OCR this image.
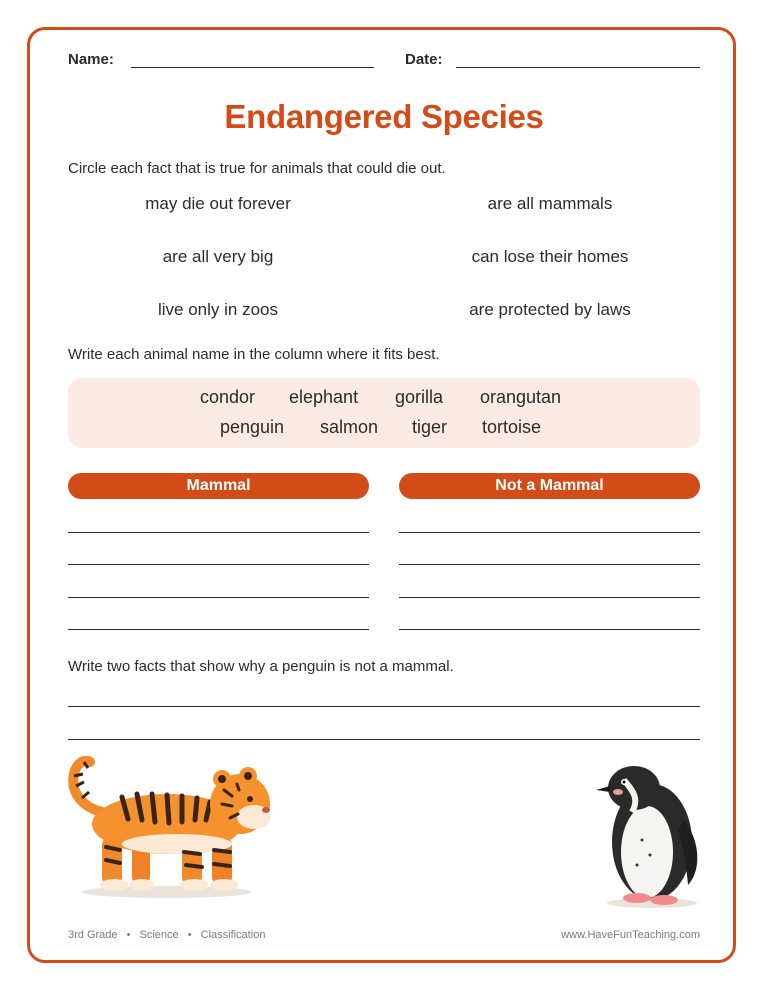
Name:	Date:
Endangered Species
Circle each fact that is true for animals that could die out.
may die out forever	are all mammals
are all very big	can lose their homes
live only in zoos	are protected by laws
Write each animal name in the column where it fits best.
condor elephant gorilla orangutan
penguin salmon tiger tortoise
Mammal	Not a Mammal
Write two facts that show why a penguin is not a mammal.
3rd Grade • Science • Classification	www.HaveFunTeaching.com
